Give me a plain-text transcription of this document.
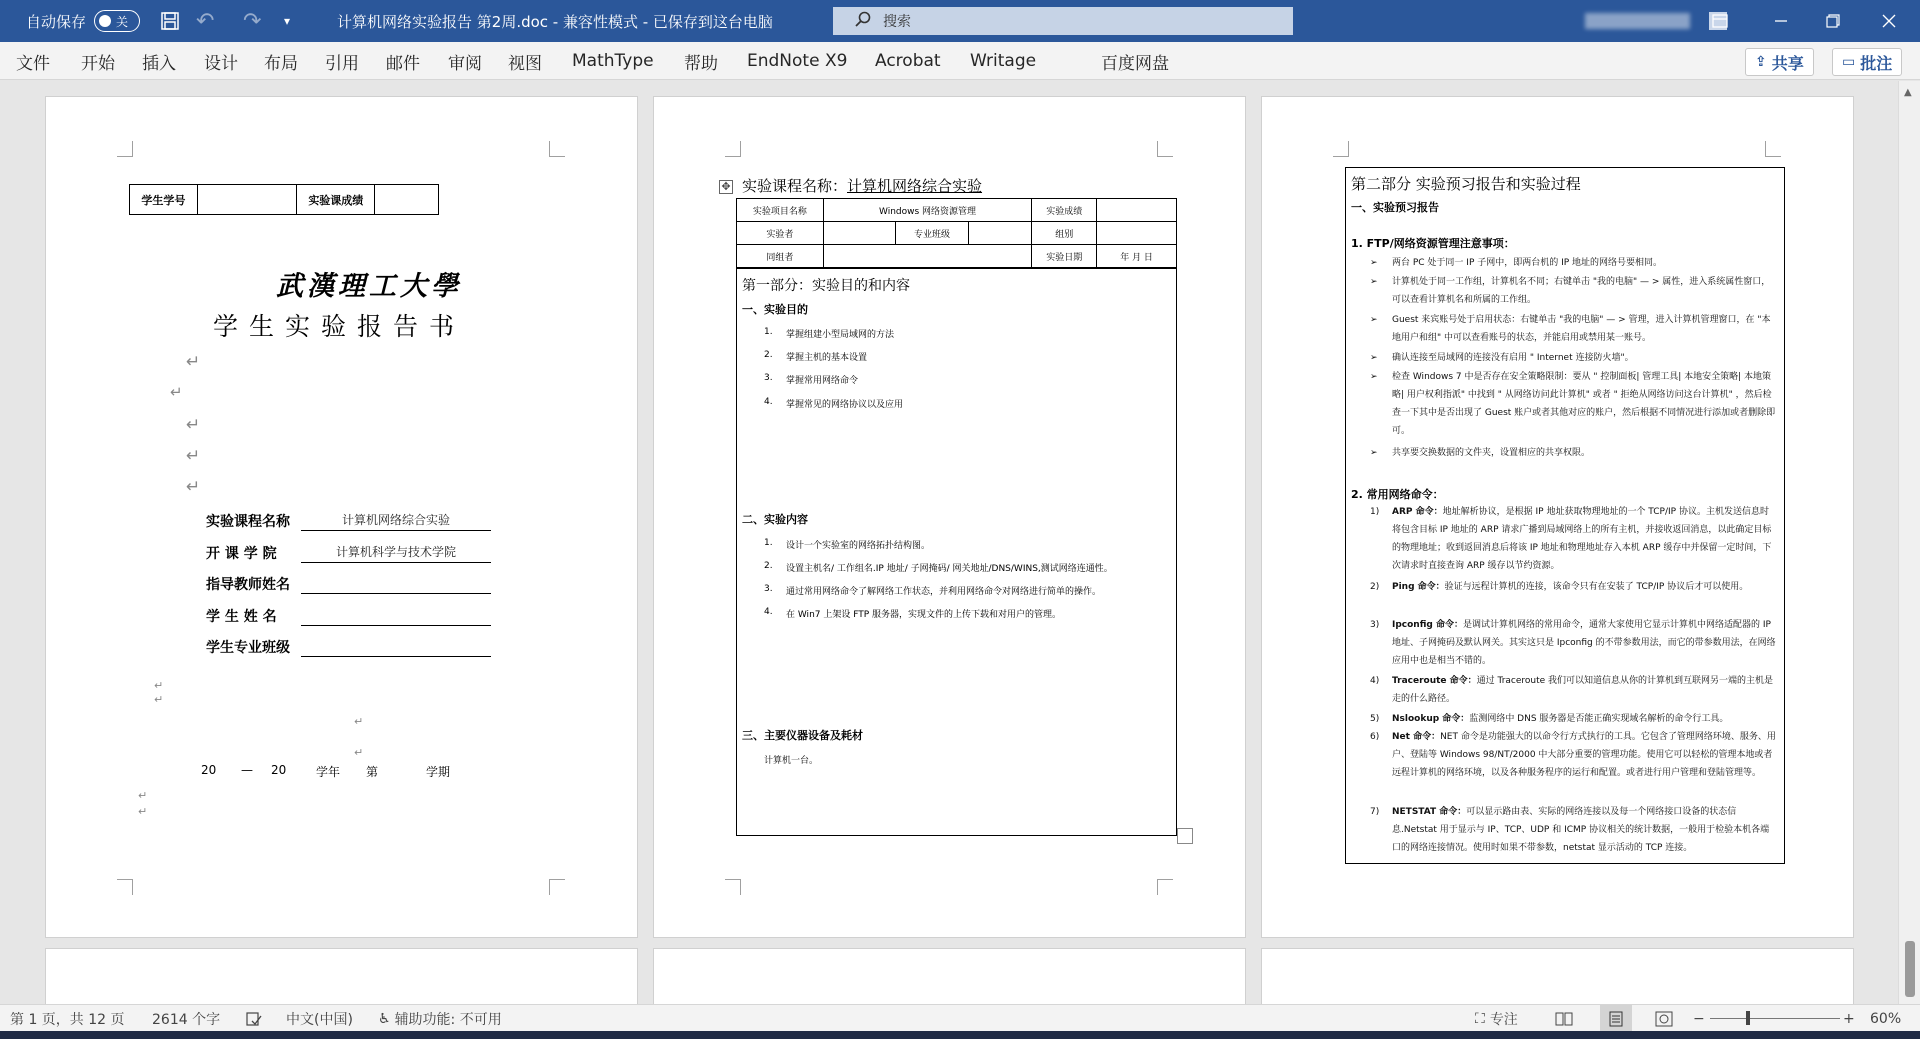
自动保存	关	↶ ↷ ▾	计算机网络实验报告 第2周.doc - 兼容性模式 - 已保存到这台电脑	搜索
文件 开始 插入 设计 布局 引用 邮件 审阅 视图 MathType 帮助 EndNote X9 Acrobat Writage	百度网盘	⇪ 共享	▭ 批注
学生学号		实验课成绩	
武漢理工大學
学生实验报告书
↵
↵
↵
↵
↵
实验课程名称	计算机网络综合实验
开 课 学 院	计算机科学与技术学院
指导教师姓名
学 生 姓 名
学生专业班级
↵
↵
↵
↵
20	—	20	学年	第	学期
↵
↵
✥ 实验课程名称：计算机网络综合实验
实验项目名称	Windows 网络资源管理			实验成绩	
实验者		专业班级		组别	
同组者				实验日期	年 月 日
第一部分：实验目的和内容
一、实验目的
1.	掌握组建小型局域网的方法
2.	掌握主机的基本设置
3.	掌握常用网络命令
4.	掌握常见的网络协议以及应用
二、实验内容
1.	设计一个实验室的网络拓扑结构图。
2.	设置主机名/ 工作组名.IP 地址/ 子网掩码/ 网关地址/DNS/WINS,测试网络连通性。
3.	通过常用网络命令了解网络工作状态，并利用网络命令对网络进行简单的操作。
4.	在 Win7 上架设 FTP 服务器，实现文件的上传下载和对用户的管理。
三、主要仪器设备及耗材
计算机一台。
第二部分 实验预习报告和实验过程
一、实验预习报告
1. FTP/网络资源管理注意事项：
➢ 两台 PC 处于同一 IP 子网中，即两台机的 IP 地址的网络号要相同。
➢ 计算机处于同一工作组，计算机名不同；右键单击 "我的电脑" — > 属性，进入系统属性窗口，可以查看计算机名和所属的工作组。
➢ Guest 来宾账号处于启用状态：右键单击 "我的电脑" — > 管理，进入计算机管理窗口，在 "本地用户和组" 中可以查看账号的状态，并能启用或禁用某一账号。
➢ 确认连接至局域网的连接没有启用 " Internet 连接防火墙"。
➢ 检查 Windows 7 中是否存在安全策略限制：要从 " 控制面板| 管理工具| 本地安全策略| 本地策略| 用户权利指派" 中找到 " 从网络访问此计算机" 或者 " 拒绝从网络访问这台计算机" ，然后检查一下其中是否出现了 Guest 账户或者其他对应的账户，然后根据不同情况进行添加或者删除即可。
➢ 共享要交换数据的文件夹，设置相应的共享权限。
2. 常用网络命令：
1) ARP 命令：地址解析协议，是根据 IP 地址获取物理地址的一个 TCP/IP 协议。主机发送信息时将包含目标 IP 地址的 ARP 请求广播到局域网络上的所有主机，并接收返回消息，以此确定目标的物理地址；收到返回消息后将该 IP 地址和物理地址存入本机 ARP 缓存中并保留一定时间，下次请求时直接查询 ARP 缓存以节约资源。
2) Ping 命令：验证与远程计算机的连接，该命令只有在安装了 TCP/IP 协议后才可以使用。
3) Ipconfig 命令：是调试计算机网络的常用命令，通常大家使用它显示计算机中网络适配器的 IP 地址、子网掩码及默认网关。其实这只是 Ipconfig 的不带参数用法，而它的带参数用法，在网络应用中也是相当不错的。
4) Traceroute 命令：通过 Traceroute 我们可以知道信息从你的计算机到互联网另一端的主机是走的什么路径。
5) Nslookup 命令：监测网络中 DNS 服务器是否能正确实现域名解析的命令行工具。
6) Net 命令：NET 命令是功能强大的以命令行方式执行的工具。它包含了管理网络环境、服务、用户、登陆等 Windows 98/NT/2000 中大部分重要的管理功能。使用它可以轻松的管理本地或者远程计算机的网络环境，以及各种服务程序的运行和配置。或者进行用户管理和登陆管理等。
7) NETSTAT 命令：可以显示路由表、实际的网络连接以及每一个网络接口设备的状态信息.Netstat 用于显示与 IP、TCP、UDP 和 ICMP 协议相关的统计数据，一般用于检验本机各端口的网络连接情况。使用时如果不带参数，netstat 显示活动的 TCP 连接。
▲
第 1 页，共 12 页 2614 个字	中文(中国) ♿ 辅助功能: 不可用	⛶ 专注	−	+ 60%
